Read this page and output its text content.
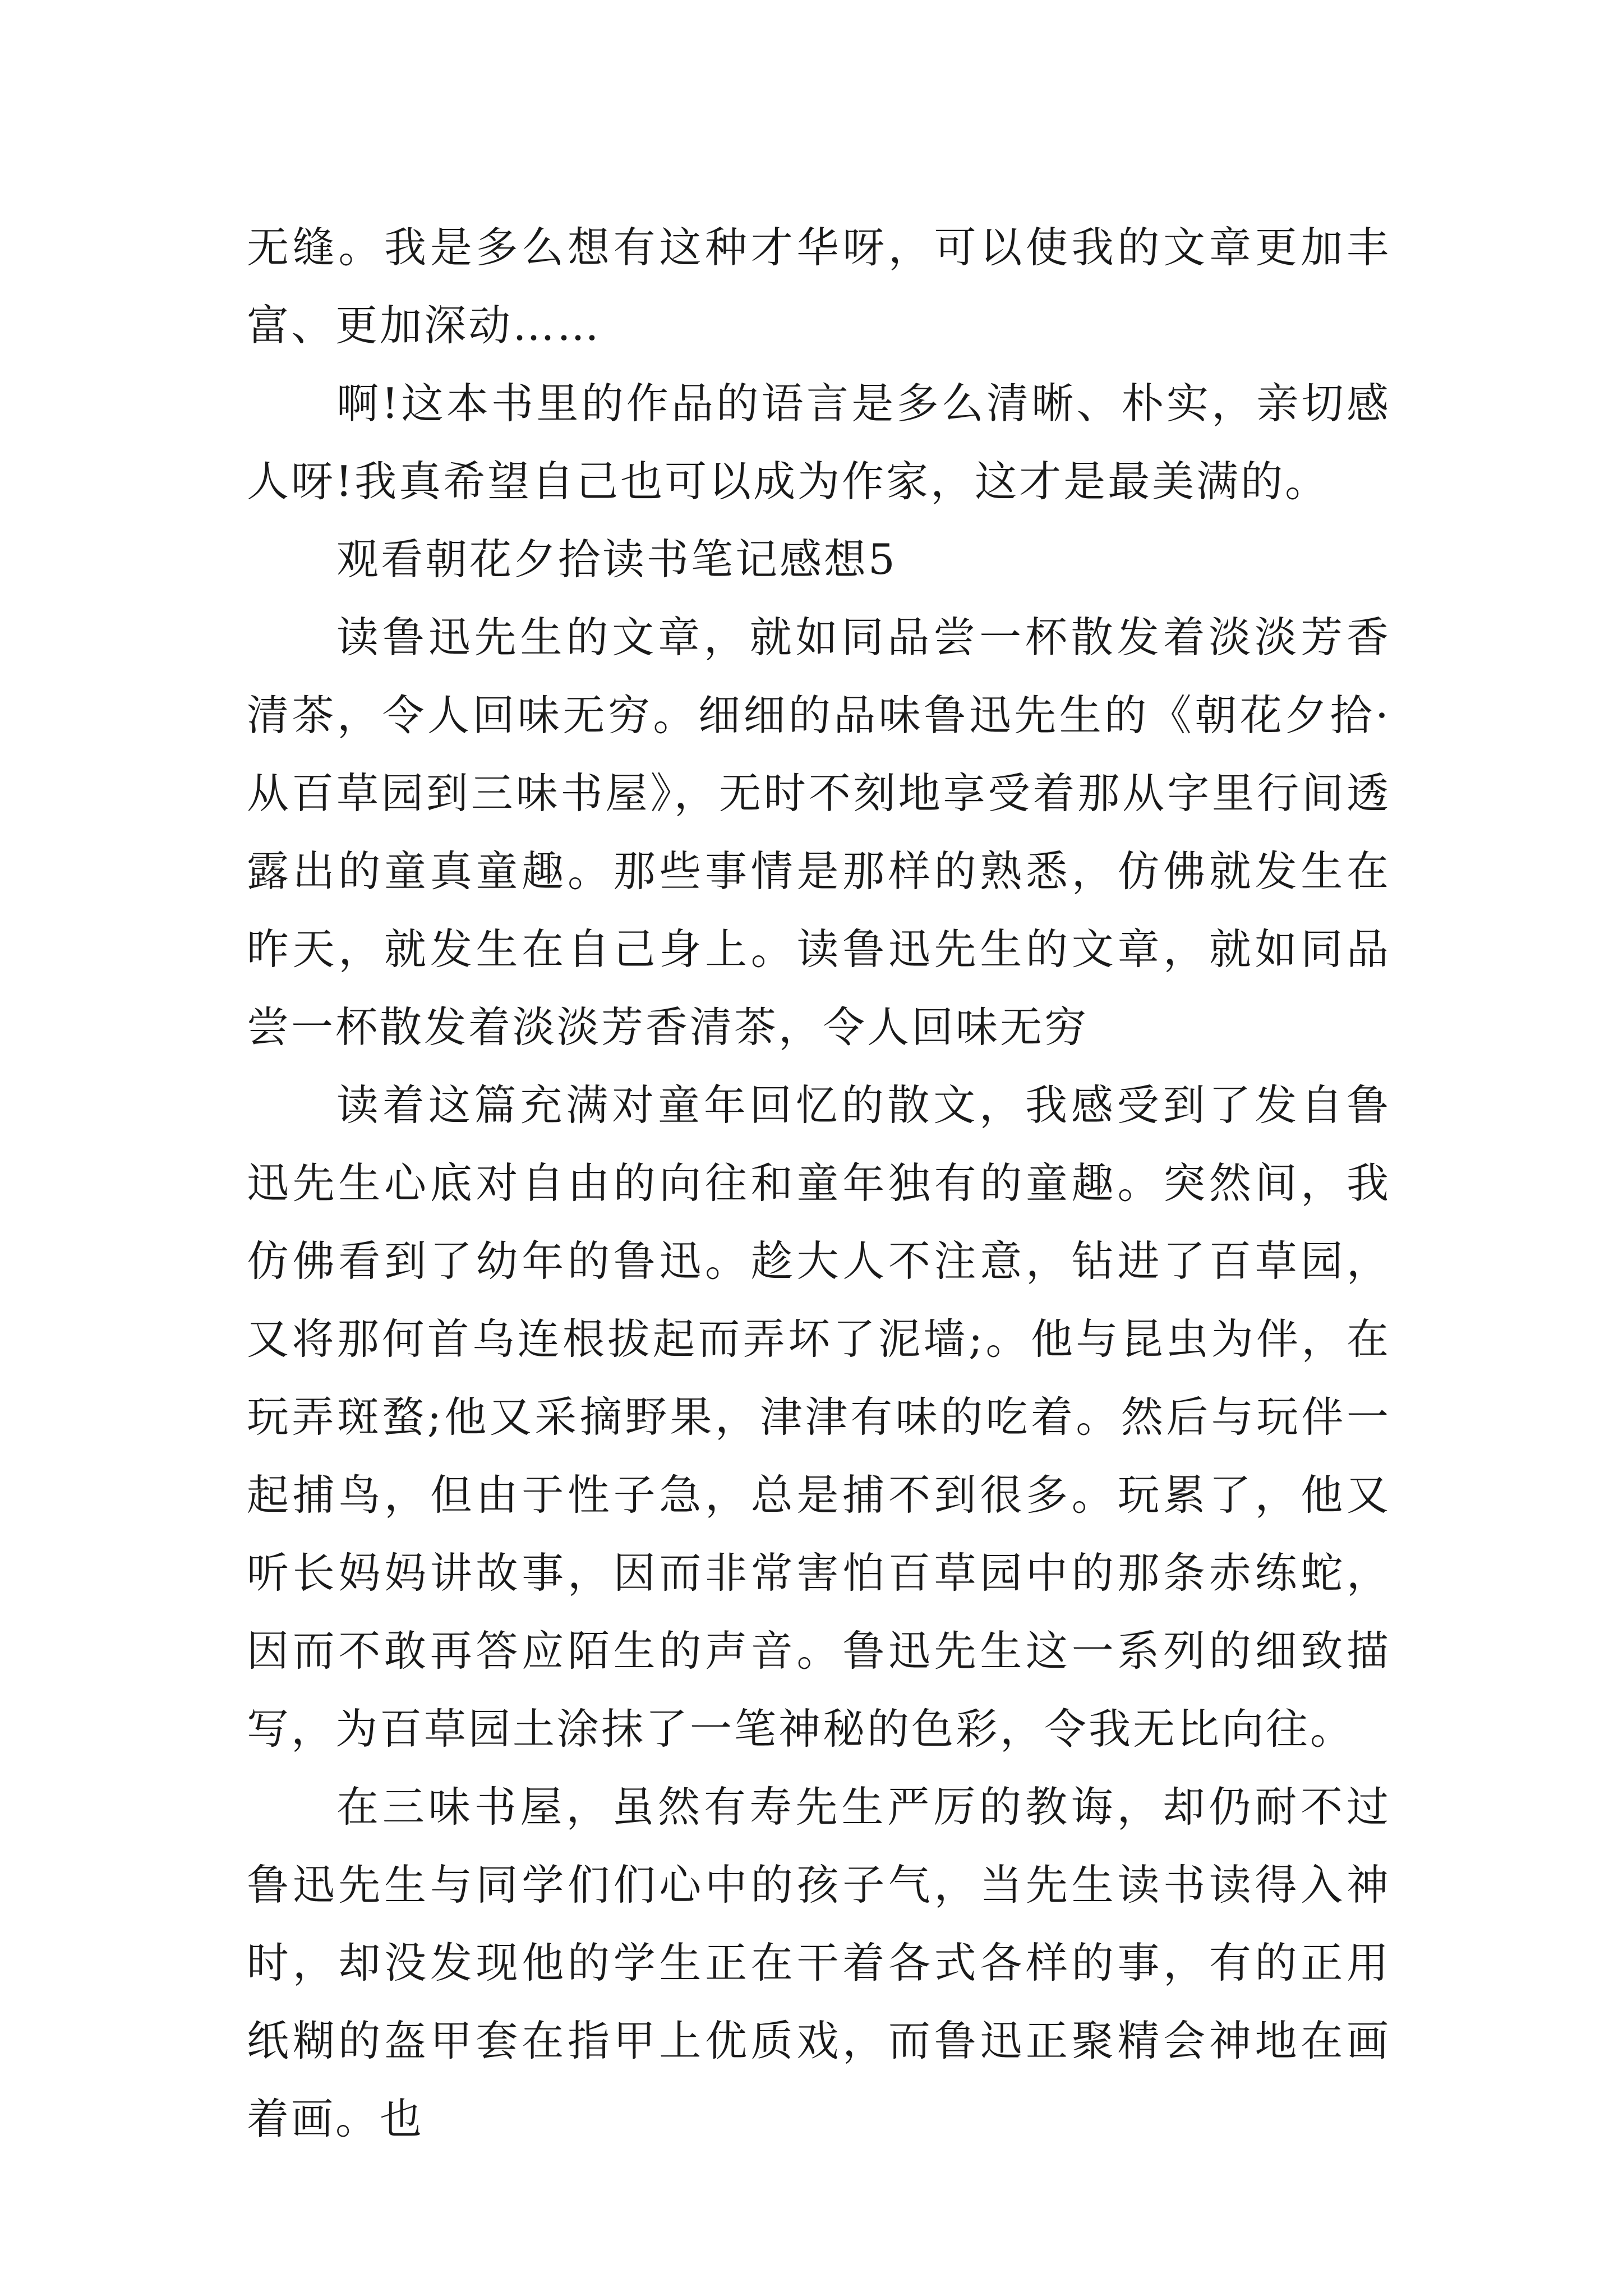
无缝。我是多么想有这种才华呀，可以使我的文章更加丰富、更加深动……

啊!这本书里的作品的语言是多么清晰、朴实，亲切感人呀!我真希望自己也可以成为作家，这才是最美满的。

观看朝花夕拾读书笔记感想5

读鲁迅先生的文章，就如同品尝一杯散发着淡淡芳香清茶，令人回味无穷。细细的品味鲁迅先生的《朝花夕拾·从百草园到三味书屋》，无时不刻地享受着那从字里行间透露出的童真童趣。那些事情是那样的熟悉，仿佛就发生在昨天，就发生在自己身上。读鲁迅先生的文章，就如同品尝一杯散发着淡淡芳香清茶，令人回味无穷

读着这篇充满对童年回忆的散文，我感受到了发自鲁迅先生心底对自由的向往和童年独有的童趣。突然间，我仿佛看到了幼年的鲁迅。趁大人不注意，钻进了百草园，又将那何首乌连根拔起而弄坏了泥墙;。他与昆虫为伴，在玩弄斑蝥;他又采摘野果，津津有味的吃着。然后与玩伴一起捕鸟，但由于性子急，总是捕不到很多。玩累了，他又听长妈妈讲故事，因而非常害怕百草园中的那条赤练蛇，因而不敢再答应陌生的声音。鲁迅先生这一系列的细致描写，为百草园土涂抹了一笔神秘的色彩，令我无比向往。

在三味书屋，虽然有寿先生严厉的教诲，却仍耐不过鲁迅先生与同学们们心中的孩子气，当先生读书读得入神时，却没发现他的学生正在干着各式各样的事，有的正用纸糊的盔甲套在指甲上优质戏，而鲁迅正聚精会神地在画着画。也
